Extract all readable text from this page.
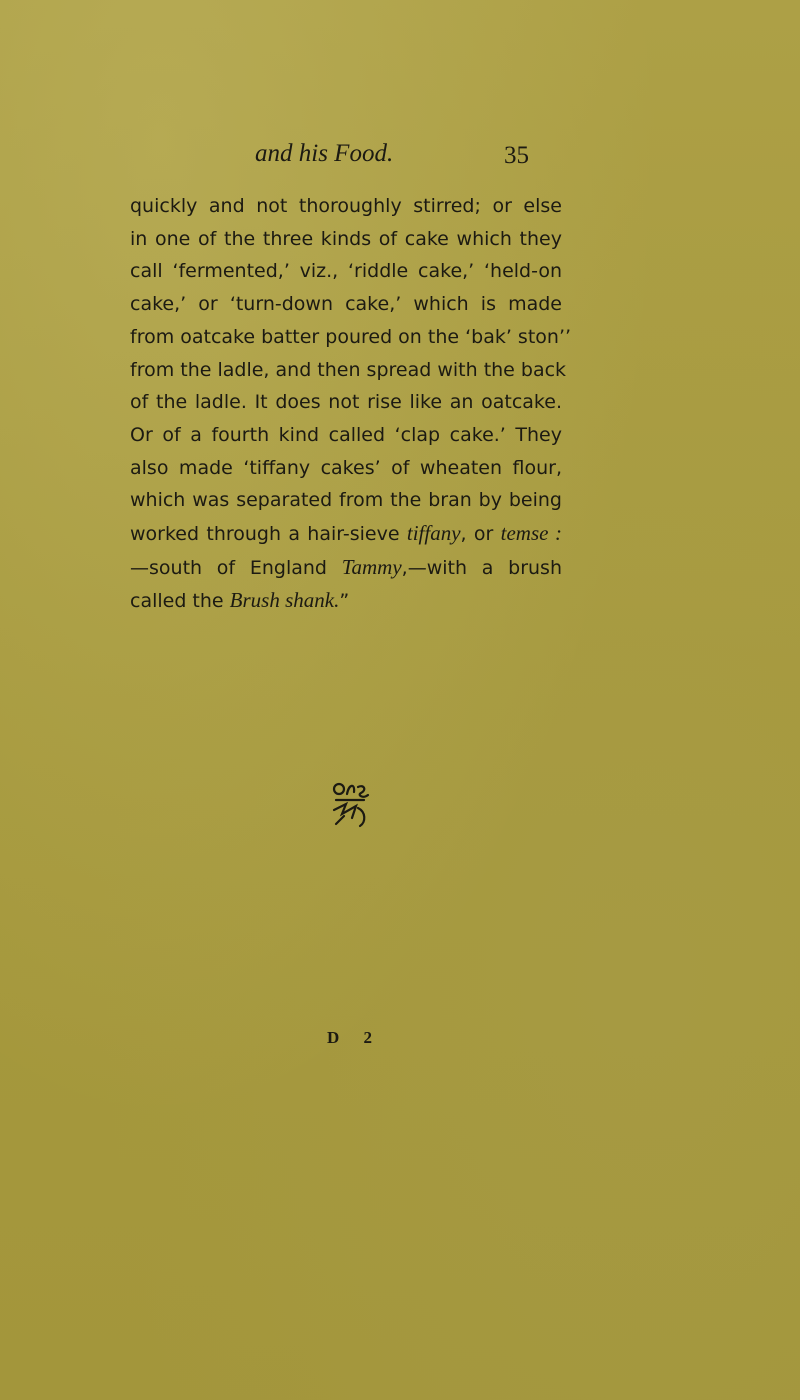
and his Food.	35
quickly and not thoroughly stirred; or else
in one of the three kinds of cake which they
call ‘fermented,’ viz., ‘riddle cake,’ ‘held-on
cake,’ or ‘turn-down cake,’ which is made
from oatcake batter poured on the ‘bak’ ston’’
from the ladle, and then spread with the back
of the ladle. It does not rise like an oatcake.
Or of a fourth kind called ‘clap cake.’ They
also made ‘tiffany cakes’ of wheaten flour,
which was separated from the bran by being
worked through a hair-sieve tiffany, or temse :
—south of England Tammy,—with a brush
called the Brush shank.”
D 2
